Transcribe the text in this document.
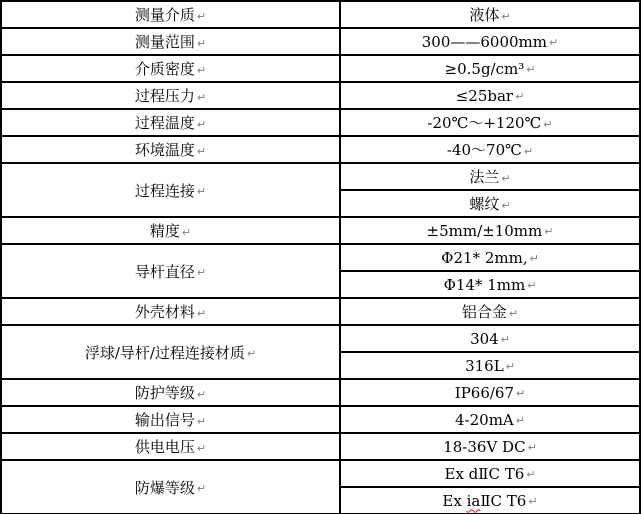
测量介质 ↵	液体 ↵
测量范围 ↵	300——6000mm ↵
介质密度 ↵	≥0.5g/cm³ ↵
过程压力 ↵	≤25bar ↵
过程温度 ↵	-20℃～+120℃ ↵
环境温度 ↵	-40～70℃ ↵
过程连接 ↵	法兰 ↵
	螺纹 ↵
精度 ↵	±5mm/±10mm ↵
导杆直径 ↵	Φ21* 2mm, ↵
	Φ14* 1mm ↵
外壳材料 ↵	铝合金 ↵
浮球/导杆/过程连接材质 ↵	304 ↵
	316L ↵
防护等级 ↵	IP66/67 ↵
输出信号 ↵	4-20mA ↵
供电电压 ↵	18-36V DC ↵
防爆等级 ↵	Ex dⅡC T6 ↵
	Ex iaⅡC T6 ↵
